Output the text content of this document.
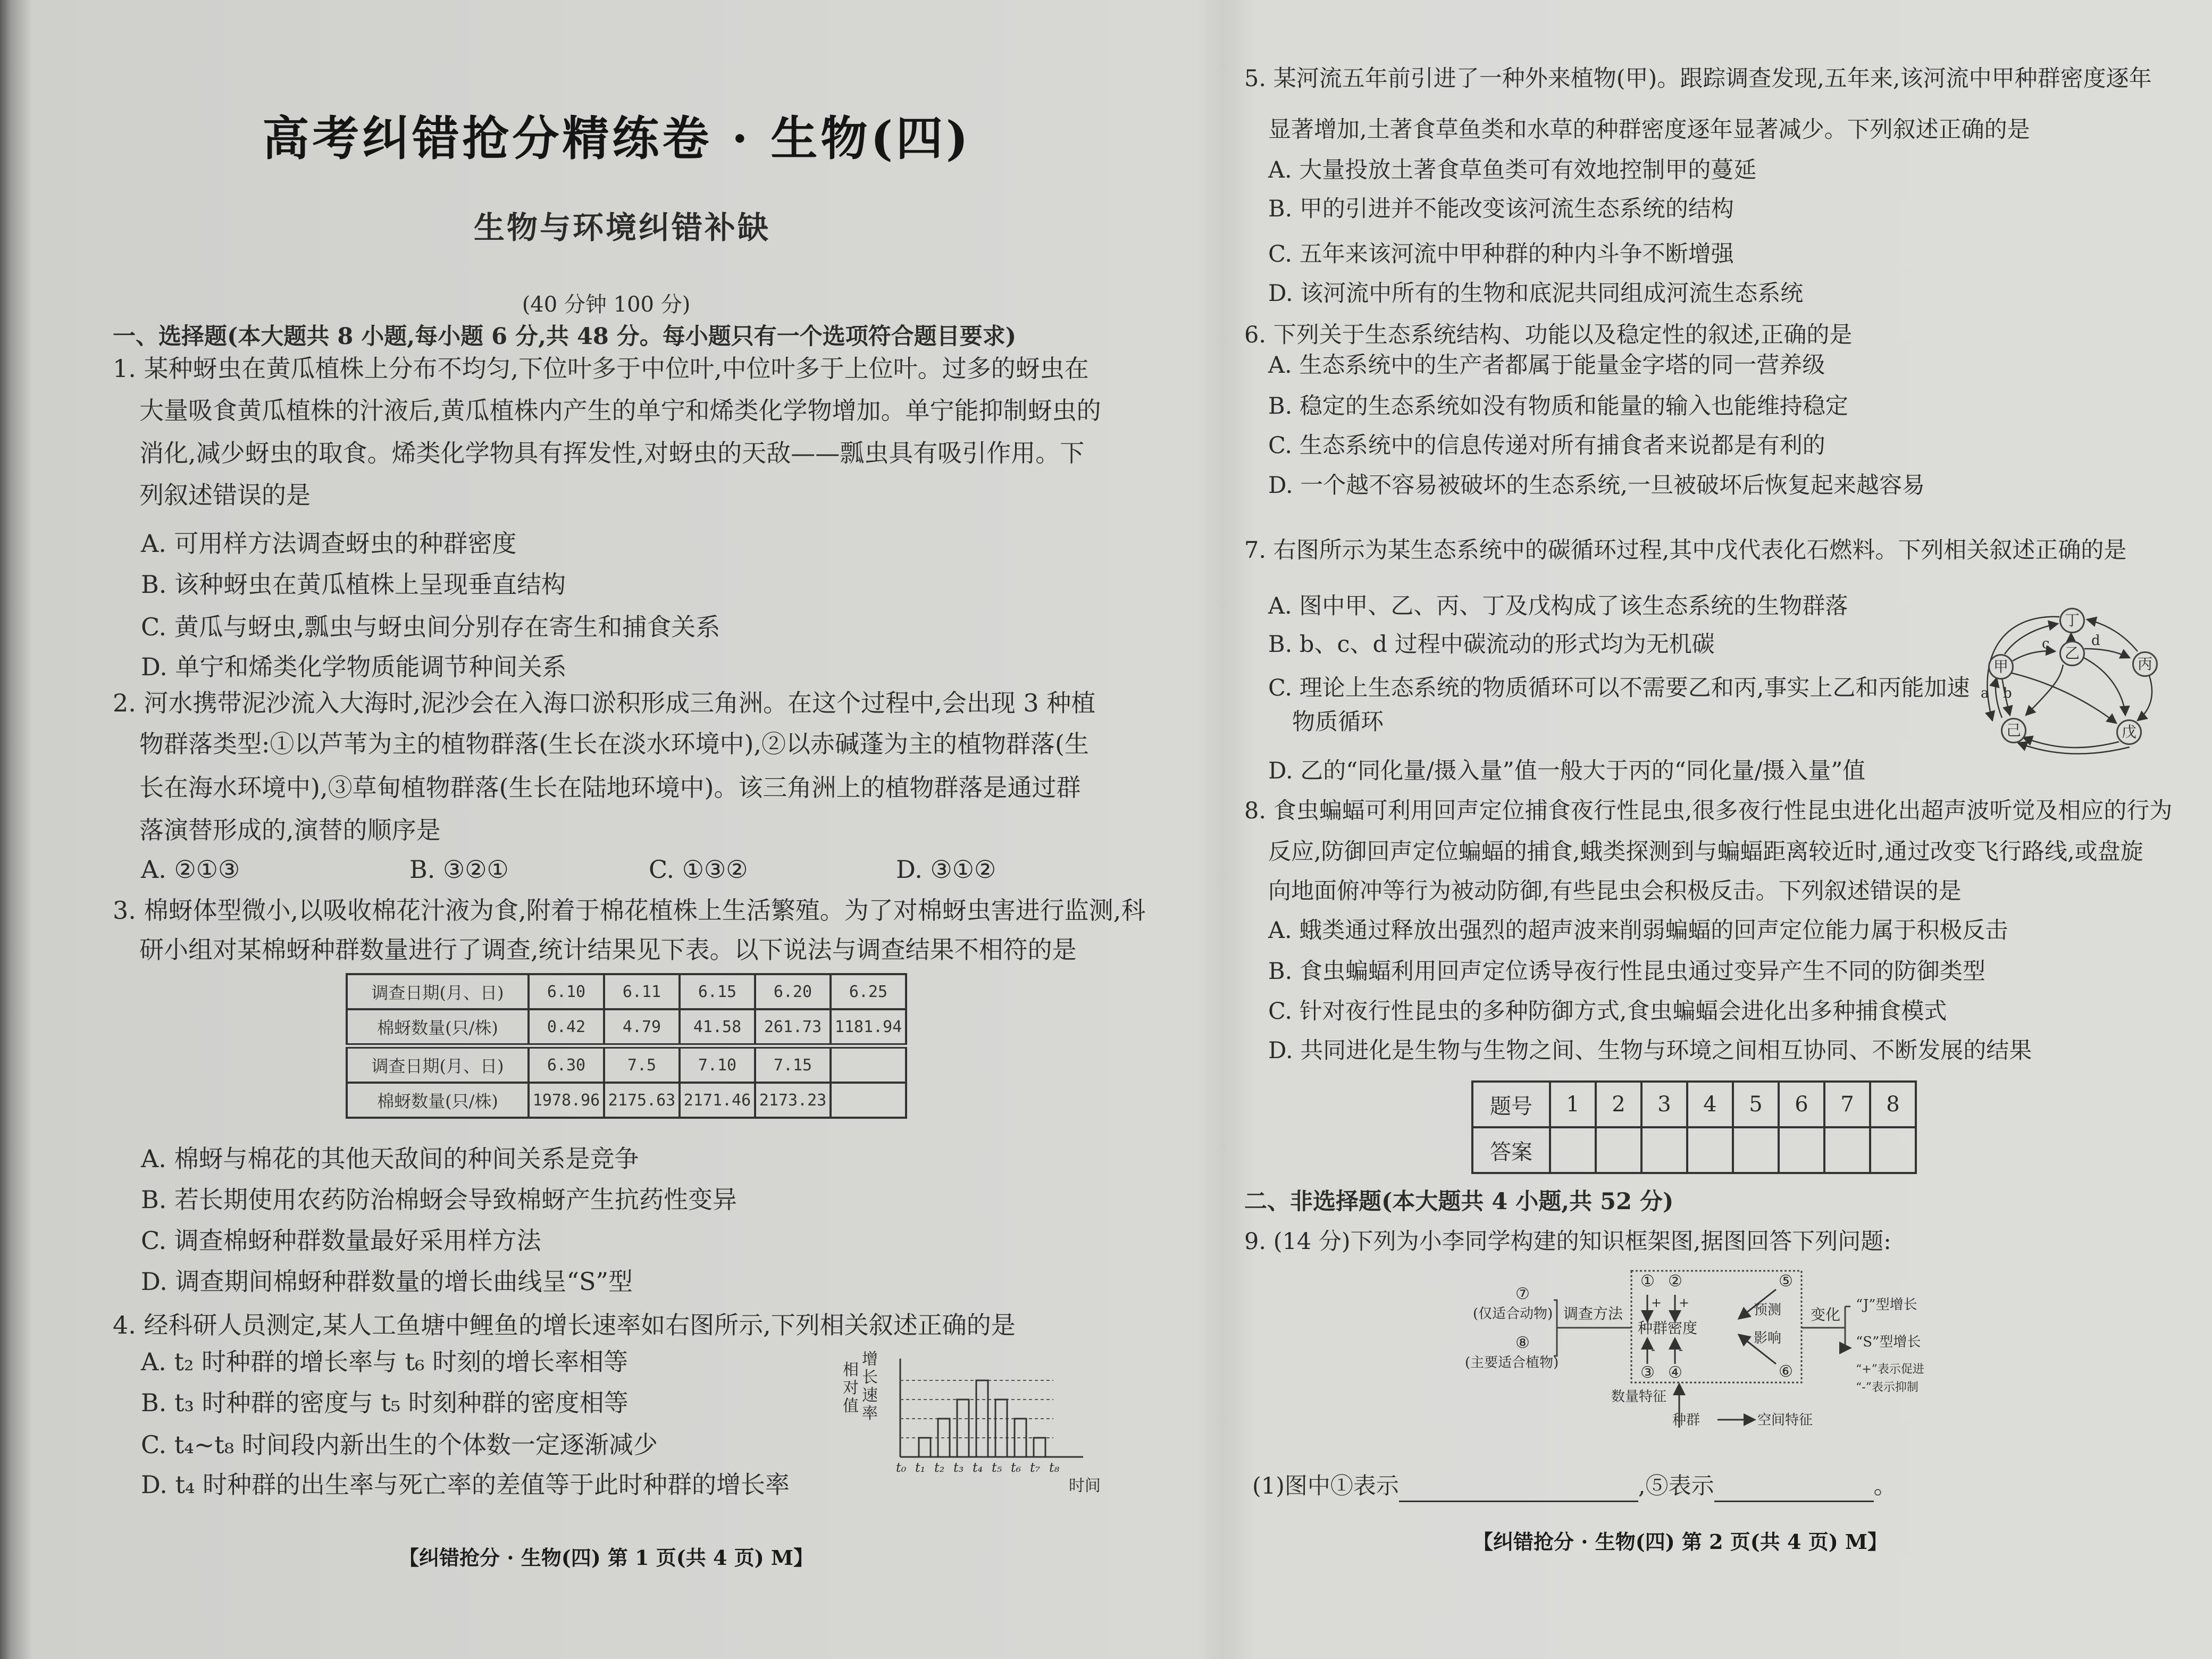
高考纠错抢分精练卷 · 生物(四)
生物与环境纠错补缺
(40 分钟 100 分)
一、选择题(本大题共 8 小题,每小题 6 分,共 48 分。每小题只有一个选项符合题目要求)
1. 某种蚜虫在黄瓜植株上分布不均匀,下位叶多于中位叶,中位叶多于上位叶。过多的蚜虫在
大量吸食黄瓜植株的汁液后,黄瓜植株内产生的单宁和烯类化学物增加。单宁能抑制蚜虫的
消化,减少蚜虫的取食。烯类化学物具有挥发性,对蚜虫的天敌——瓢虫具有吸引作用。下
列叙述错误的是
A. 可用样方法调查蚜虫的种群密度
B. 该种蚜虫在黄瓜植株上呈现垂直结构
C. 黄瓜与蚜虫,瓢虫与蚜虫间分别存在寄生和捕食关系
D. 单宁和烯类化学物质能调节种间关系
2. 河水携带泥沙流入大海时,泥沙会在入海口淤积形成三角洲。在这个过程中,会出现 3 种植
物群落类型:①以芦苇为主的植物群落(生长在淡水环境中),②以赤碱蓬为主的植物群落(生
长在海水环境中),③草甸植物群落(生长在陆地环境中)。该三角洲上的植物群落是通过群
落演替形成的,演替的顺序是
A. ②①③	B. ③②①	C. ①③②	D. ③①②
3. 棉蚜体型微小,以吸收棉花汁液为食,附着于棉花植株上生活繁殖。为了对棉蚜虫害进行监测,科
研小组对某棉蚜种群数量进行了调查,统计结果见下表。以下说法与调查结果不相符的是
调查日期(月、日)	6.10	6.11	6.15	6.20	6.25
棉蚜数量(只/株)	0.42	4.79	41.58	261.73	1181.94
调查日期(月、日)	6.30	7.5	7.10	7.15	
棉蚜数量(只/株)	1978.96	2175.63	2171.46	2173.23	
A. 棉蚜与棉花的其他天敌间的种间关系是竞争
B. 若长期使用农药防治棉蚜会导致棉蚜产生抗药性变异
C. 调查棉蚜种群数量最好采用样方法
D. 调查期间棉蚜种群数量的增长曲线呈“S”型
4. 经科研人员测定,某人工鱼塘中鲤鱼的增长速率如右图所示,下列相关叙述正确的是
A. t₂ 时种群的增长率与 t₆ 时刻的增长率相等
B. t₃ 时种群的密度与 t₅ 时刻种群的密度相等
C. t₄~t₈ 时间段内新出生的个体数一定逐渐减少
D. t₄ 时种群的出生率与死亡率的差值等于此时种群的增长率
相对值
增长速率
t₀ t₁ t₂ t₃ t₄ t₅ t₆ t₇ t₈
时间
【纠错抢分 · 生物(四) 第 1 页(共 4 页) M】
5. 某河流五年前引进了一种外来植物(甲)。跟踪调查发现,五年来,该河流中甲种群密度逐年
显著增加,土著食草鱼类和水草的种群密度逐年显著减少。下列叙述正确的是
A. 大量投放土著食草鱼类可有效地控制甲的蔓延
B. 甲的引进并不能改变该河流生态系统的结构
C. 五年来该河流中甲种群的种内斗争不断增强
D. 该河流中所有的生物和底泥共同组成河流生态系统
6. 下列关于生态系统结构、功能以及稳定性的叙述,正确的是
A. 生态系统中的生产者都属于能量金字塔的同一营养级
B. 稳定的生态系统如没有物质和能量的输入也能维持稳定
C. 生态系统中的信息传递对所有捕食者来说都是有利的
D. 一个越不容易被破坏的生态系统,一旦被破坏后恢复起来越容易
7. 右图所示为某生态系统中的碳循环过程,其中戊代表化石燃料。下列相关叙述正确的是
A. 图中甲、乙、丙、丁及戊构成了该生态系统的生物群落
B. b、c、d 过程中碳流动的形式均为无机碳
C. 理论上生态系统的物质循环可以不需要乙和丙,事实上乙和丙能加速
物质循环
D. 乙的“同化量/摄入量”值一般大于丙的“同化量/摄入量”值
丁
乙
甲	丙
己	戊
a b
c	d
8. 食虫蝙蝠可利用回声定位捕食夜行性昆虫,很多夜行性昆虫进化出超声波听觉及相应的行为
反应,防御回声定位蝙蝠的捕食,蛾类探测到与蝙蝠距离较近时,通过改变飞行路线,或盘旋
向地面俯冲等行为被动防御,有些昆虫会积极反击。下列叙述错误的是
A. 蛾类通过释放出强烈的超声波来削弱蝙蝠的回声定位能力属于积极反击
B. 食虫蝙蝠利用回声定位诱导夜行性昆虫通过变异产生不同的防御类型
C. 针对夜行性昆虫的多种防御方式,食虫蝙蝠会进化出多种捕食模式
D. 共同进化是生物与生物之间、生物与环境之间相互协同、不断发展的结果
题号	1	2	3	4	5	6	7	8
答案								
二、非选择题(本大题共 4 小题,共 52 分)
9. (14 分)下列为小李同学构建的知识框架图,据图回答下列问题:
⑦
(仅适合动物)
⑧
(主要适合植物)
调查方法
种群密度
① ②
③ ④
⑤
⑥
+ +
- -
预测
影响
变化
“J”型增长
“S”型增长
“+”表示促进
“-”表示抑制
数量特征
种群	空间特征
(1)图中①表示	,⑤表示	。
【纠错抢分 · 生物(四) 第 2 页(共 4 页) M】
